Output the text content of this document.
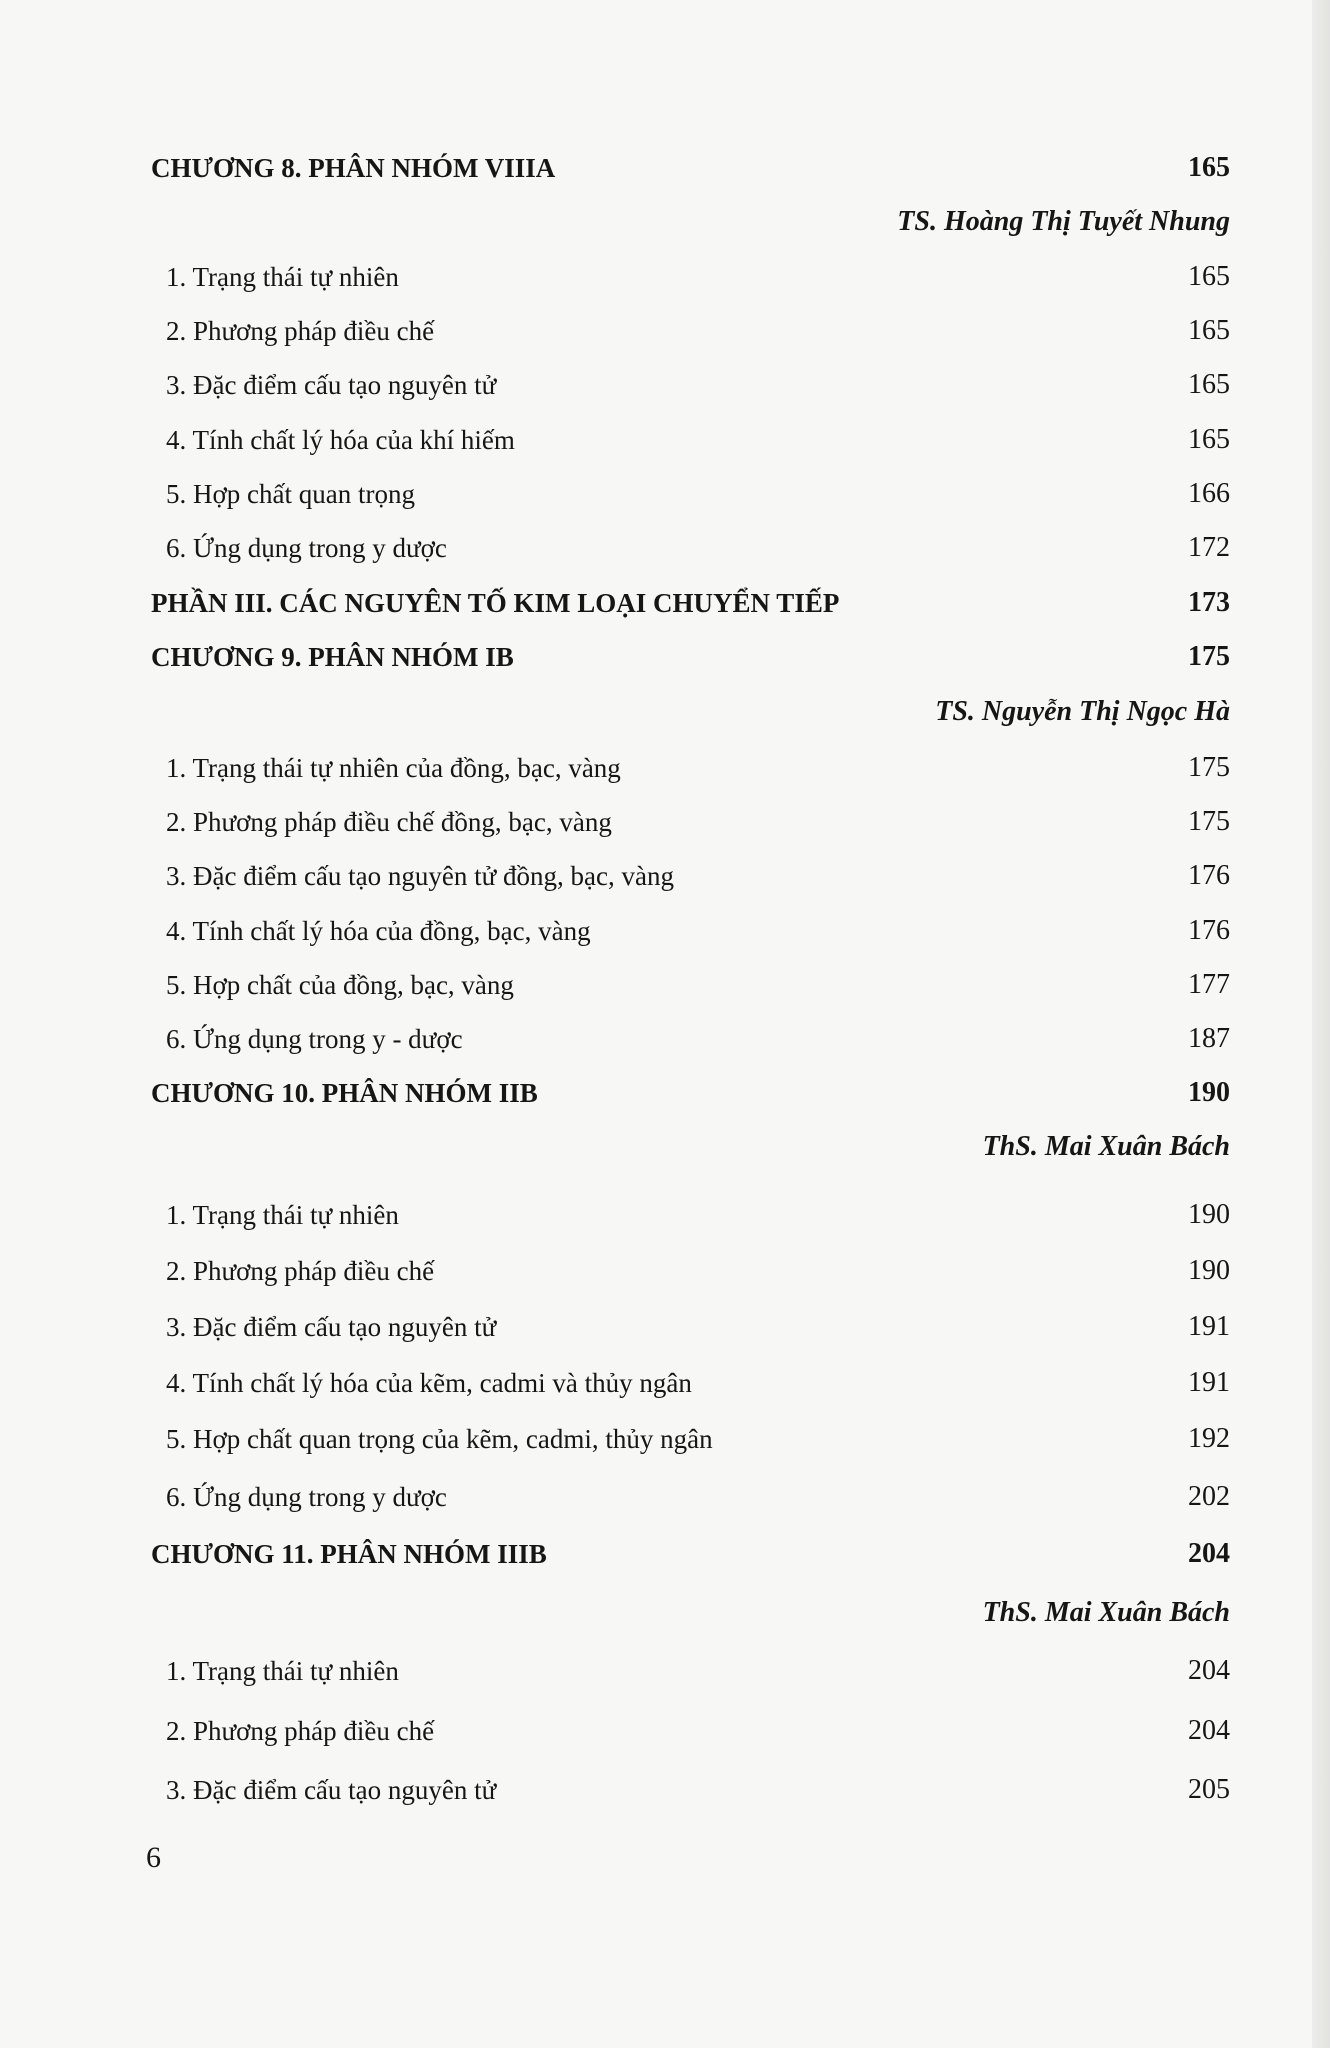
CHƯƠNG 8. PHÂN NHÓM VIIIA	165
TS. Hoàng Thị Tuyết Nhung
1. Trạng thái tự nhiên	165
2. Phương pháp điều chế	165
3. Đặc điểm cấu tạo nguyên tử	165
4. Tính chất lý hóa của khí hiếm	165
5. Hợp chất quan trọng	166
6. Ứng dụng trong y dược	172
PHẦN III. CÁC NGUYÊN TỐ KIM LOẠI CHUYỂN TIẾP	173
CHƯƠNG 9. PHÂN NHÓM IB	175
TS. Nguyễn Thị Ngọc Hà
1. Trạng thái tự nhiên của đồng, bạc, vàng	175
2. Phương pháp điều chế đồng, bạc, vàng	175
3. Đặc điểm cấu tạo nguyên tử đồng, bạc, vàng	176
4. Tính chất lý hóa của đồng, bạc, vàng	176
5. Hợp chất của đồng, bạc, vàng	177
6. Ứng dụng trong y - dược	187
CHƯƠNG 10. PHÂN NHÓM IIB	190
ThS. Mai Xuân Bách
1. Trạng thái tự nhiên	190
2. Phương pháp điều chế	190
3. Đặc điểm cấu tạo nguyên tử	191
4. Tính chất lý hóa của kẽm, cadmi và thủy ngân	191
5. Hợp chất quan trọng của kẽm, cadmi, thủy ngân	192
6. Ứng dụng trong y dược	202
CHƯƠNG 11. PHÂN NHÓM IIIB	204
ThS. Mai Xuân Bách
1. Trạng thái tự nhiên	204
2. Phương pháp điều chế	204
3. Đặc điểm cấu tạo nguyên tử	205
6
